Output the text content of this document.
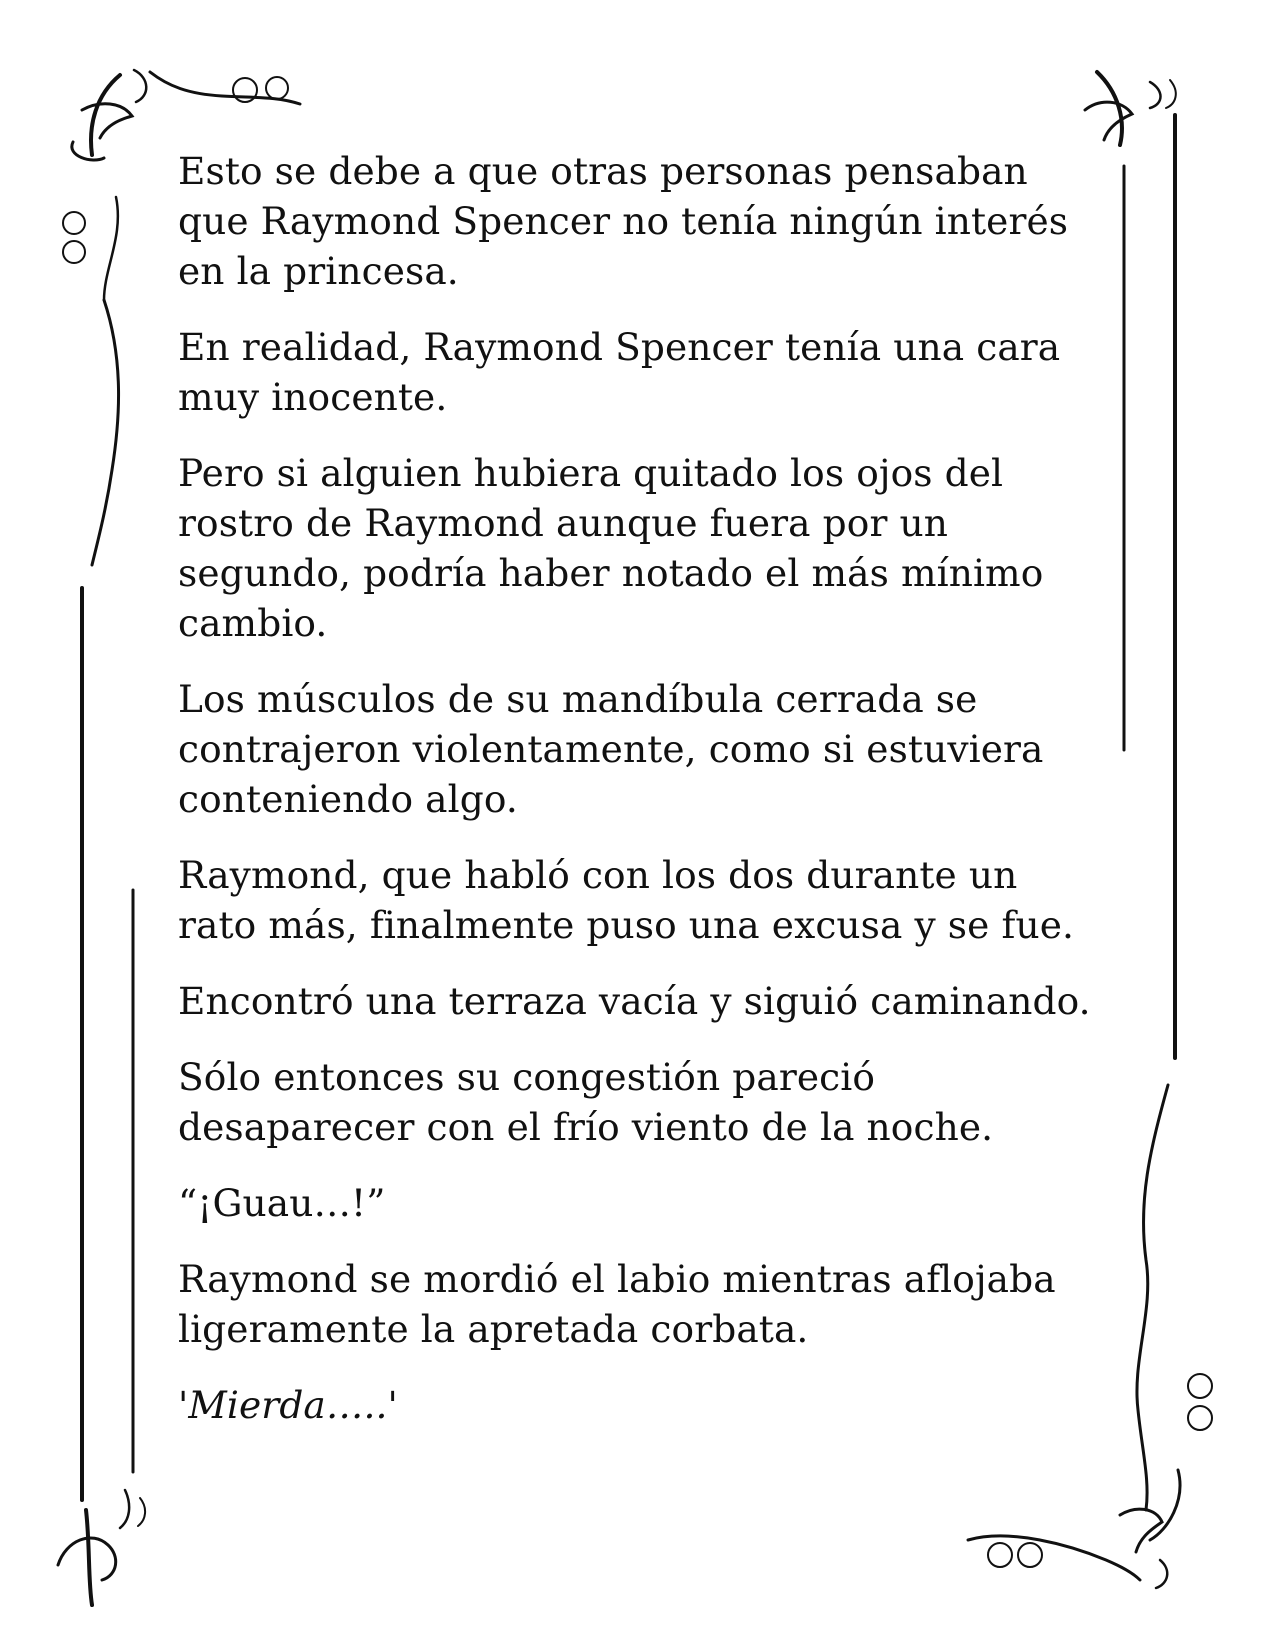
Esto se debe a que otras personas pensaban
que Raymond Spencer no tenía ningún interés
en la princesa.

En realidad, Raymond Spencer tenía una cara
muy inocente.

Pero si alguien hubiera quitado los ojos del
rostro de Raymond aunque fuera por un
segundo, podría haber notado el más mínimo
cambio.

Los músculos de su mandíbula cerrada se
contrajeron violentamente, como si estuviera
conteniendo algo.

Raymond, que habló con los dos durante un
rato más, finalmente puso una excusa y se fue.

Encontró una terraza vacía y siguió caminando.

Sólo entonces su congestión pareció
desaparecer con el frío viento de la noche.

“¡Guau…!”

Raymond se mordió el labio mientras aflojaba
ligeramente la apretada corbata.

'Mierda…..'
